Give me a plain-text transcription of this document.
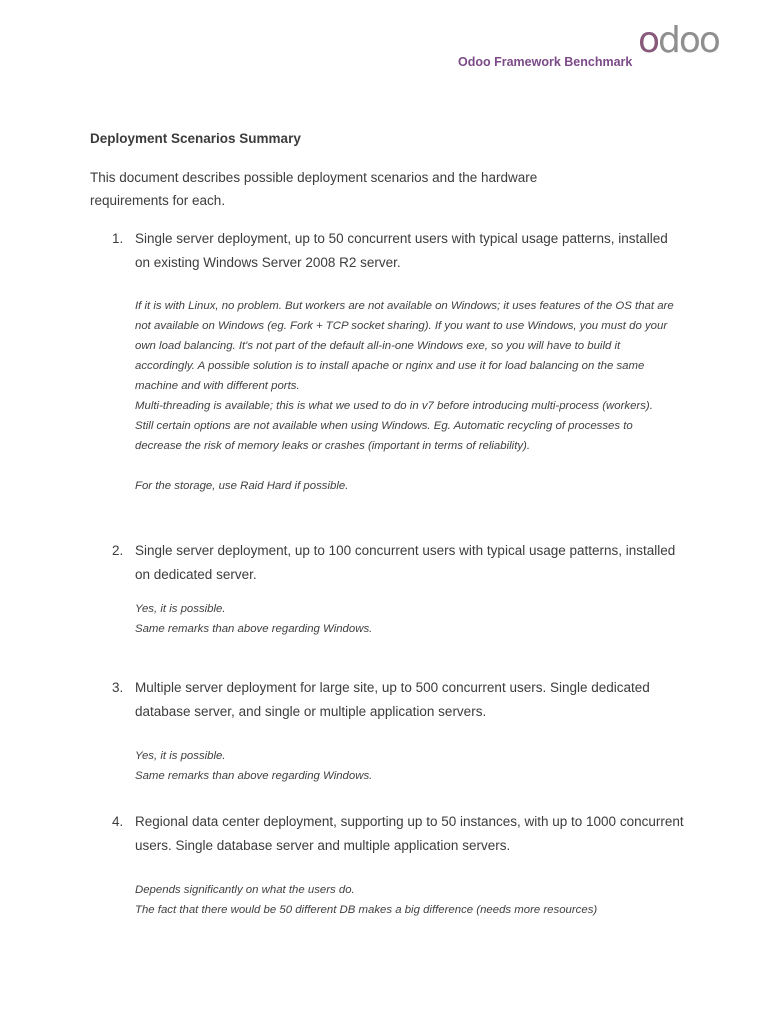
Odoo Framework Benchmark
odoo
Deployment Scenarios Summary
This document describes possible deployment scenarios and the hardware requirements for each.
1. Single server deployment, up to 50 concurrent users with typical usage patterns, installed on existing Windows Server 2008 R2 server.

If it is with Linux, no problem. But workers are not available on Windows; it uses features of the OS that are not available on Windows (eg. Fork + TCP socket sharing). If you want to use Windows, you must do your own load balancing. It's not part of the default all-in-one Windows exe, so you will have to build it accordingly. A possible solution is to install apache or nginx and use it for load balancing on the same machine and with different ports.

Multi-threading is available; this is what we used to do in v7 before introducing multi-process (workers).

Still certain options are not available when using Windows. Eg. Automatic recycling of processes to decrease the risk of memory leaks or crashes (important in terms of reliability).

For the storage, use Raid Hard if possible.

2. Single server deployment, up to 100 concurrent users with typical usage patterns, installed on dedicated server.

Yes, it is possible.

Same remarks than above regarding Windows.

3. Multiple server deployment for large site, up to 500 concurrent users. Single dedicated database server, and single or multiple application servers.

Yes, it is possible.

Same remarks than above regarding Windows.

4. Regional data center deployment, supporting up to 50 instances, with up to 1000 concurrent users. Single database server and multiple application servers.

Depends significantly on what the users do.

The fact that there would be 50 different DB makes a big difference (needs more resources)
